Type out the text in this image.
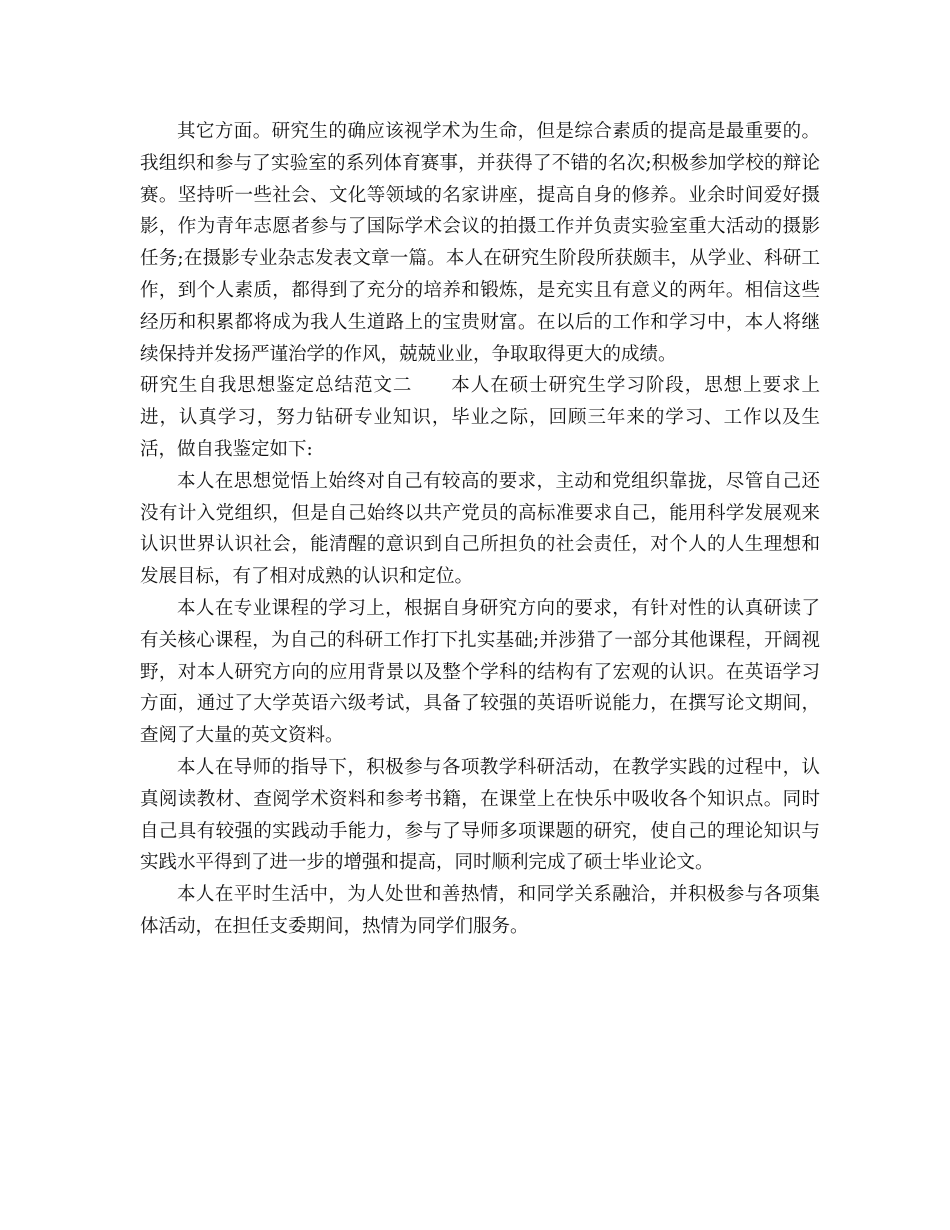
其它方面。研究生的确应该视学术为生命，但是综合素质的提高是最重要的。我组织和参与了实验室的系列体育赛事，并获得了不错的名次;积极参加学校的辩论赛。坚持听一些社会、文化等领域的名家讲座，提高自身的修养。业余时间爱好摄影，作为青年志愿者参与了国际学术会议的拍摄工作并负责实验室重大活动的摄影任务;在摄影专业杂志发表文章一篇。本人在研究生阶段所获颇丰，从学业、科研工作，到个人素质，都得到了充分的培养和锻炼，是充实且有意义的两年。相信这些经历和积累都将成为我人生道路上的宝贵财富。在以后的工作和学习中，本人将继续保持并发扬严谨治学的作风，兢兢业业，争取取得更大的成绩。

研究生自我思想鉴定总结范文二　　本人在硕士研究生学习阶段，思想上要求上进，认真学习，努力钻研专业知识，毕业之际，回顾三年来的学习、工作以及生活，做自我鉴定如下:

本人在思想觉悟上始终对自己有较高的要求，主动和党组织靠拢，尽管自己还没有计入党组织，但是自己始终以共产党员的高标准要求自己，能用科学发展观来认识世界认识社会，能清醒的意识到自己所担负的社会责任，对个人的人生理想和发展目标，有了相对成熟的认识和定位。

本人在专业课程的学习上，根据自身研究方向的要求，有针对性的认真研读了有关核心课程，为自己的科研工作打下扎实基础;并涉猎了一部分其他课程，开阔视野，对本人研究方向的应用背景以及整个学科的结构有了宏观的认识。在英语学习方面，通过了大学英语六级考试，具备了较强的英语听说能力，在撰写论文期间，查阅了大量的英文资料。

本人在导师的指导下，积极参与各项教学科研活动，在教学实践的过程中，认真阅读教材、查阅学术资料和参考书籍，在课堂上在快乐中吸收各个知识点。同时自己具有较强的实践动手能力，参与了导师多项课题的研究，使自己的理论知识与实践水平得到了进一步的增强和提高，同时顺利完成了硕士毕业论文。

本人在平时生活中，为人处世和善热情，和同学关系融洽，并积极参与各项集体活动，在担任支委期间，热情为同学们服务。
